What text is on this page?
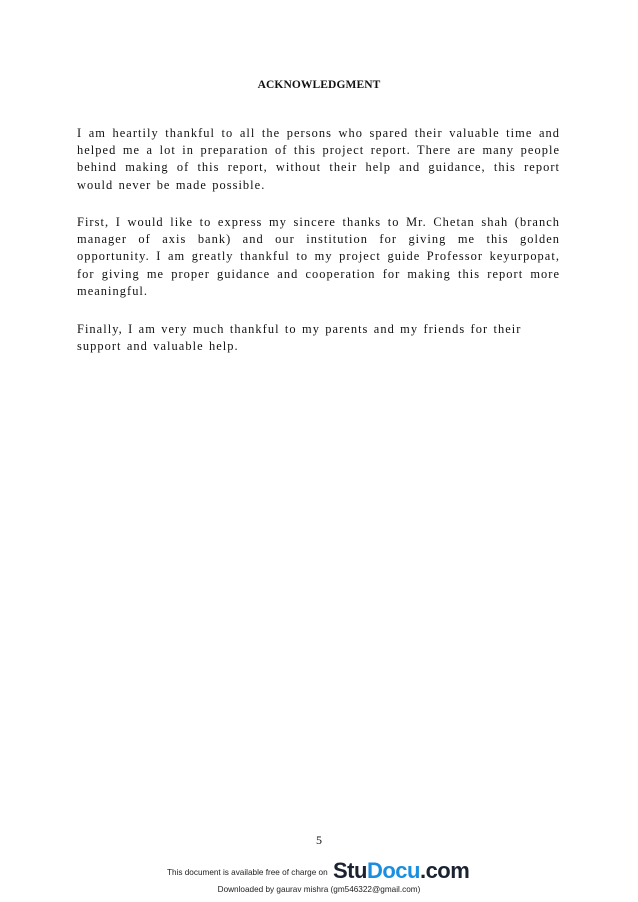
ACKNOWLEDGMENT

I am heartily thankful to all the persons who spared their valuable time and helped me a lot in preparation of this project report. There are many people behind making of this report, without their help and guidance, this report would never be made possible.

First, I would like to express my sincere thanks to Mr. Chetan shah (branch manager of axis bank) and our institution for giving me this golden opportunity. I am greatly thankful to my project guide Professor keyurpopat, for giving me proper guidance and cooperation for making this report more meaningful.

Finally, I am very much thankful to my parents and my friends for their support and valuable help.

5
This document is available free of charge on StuDocu.com
Downloaded by gaurav mishra (gm546322@gmail.com)
